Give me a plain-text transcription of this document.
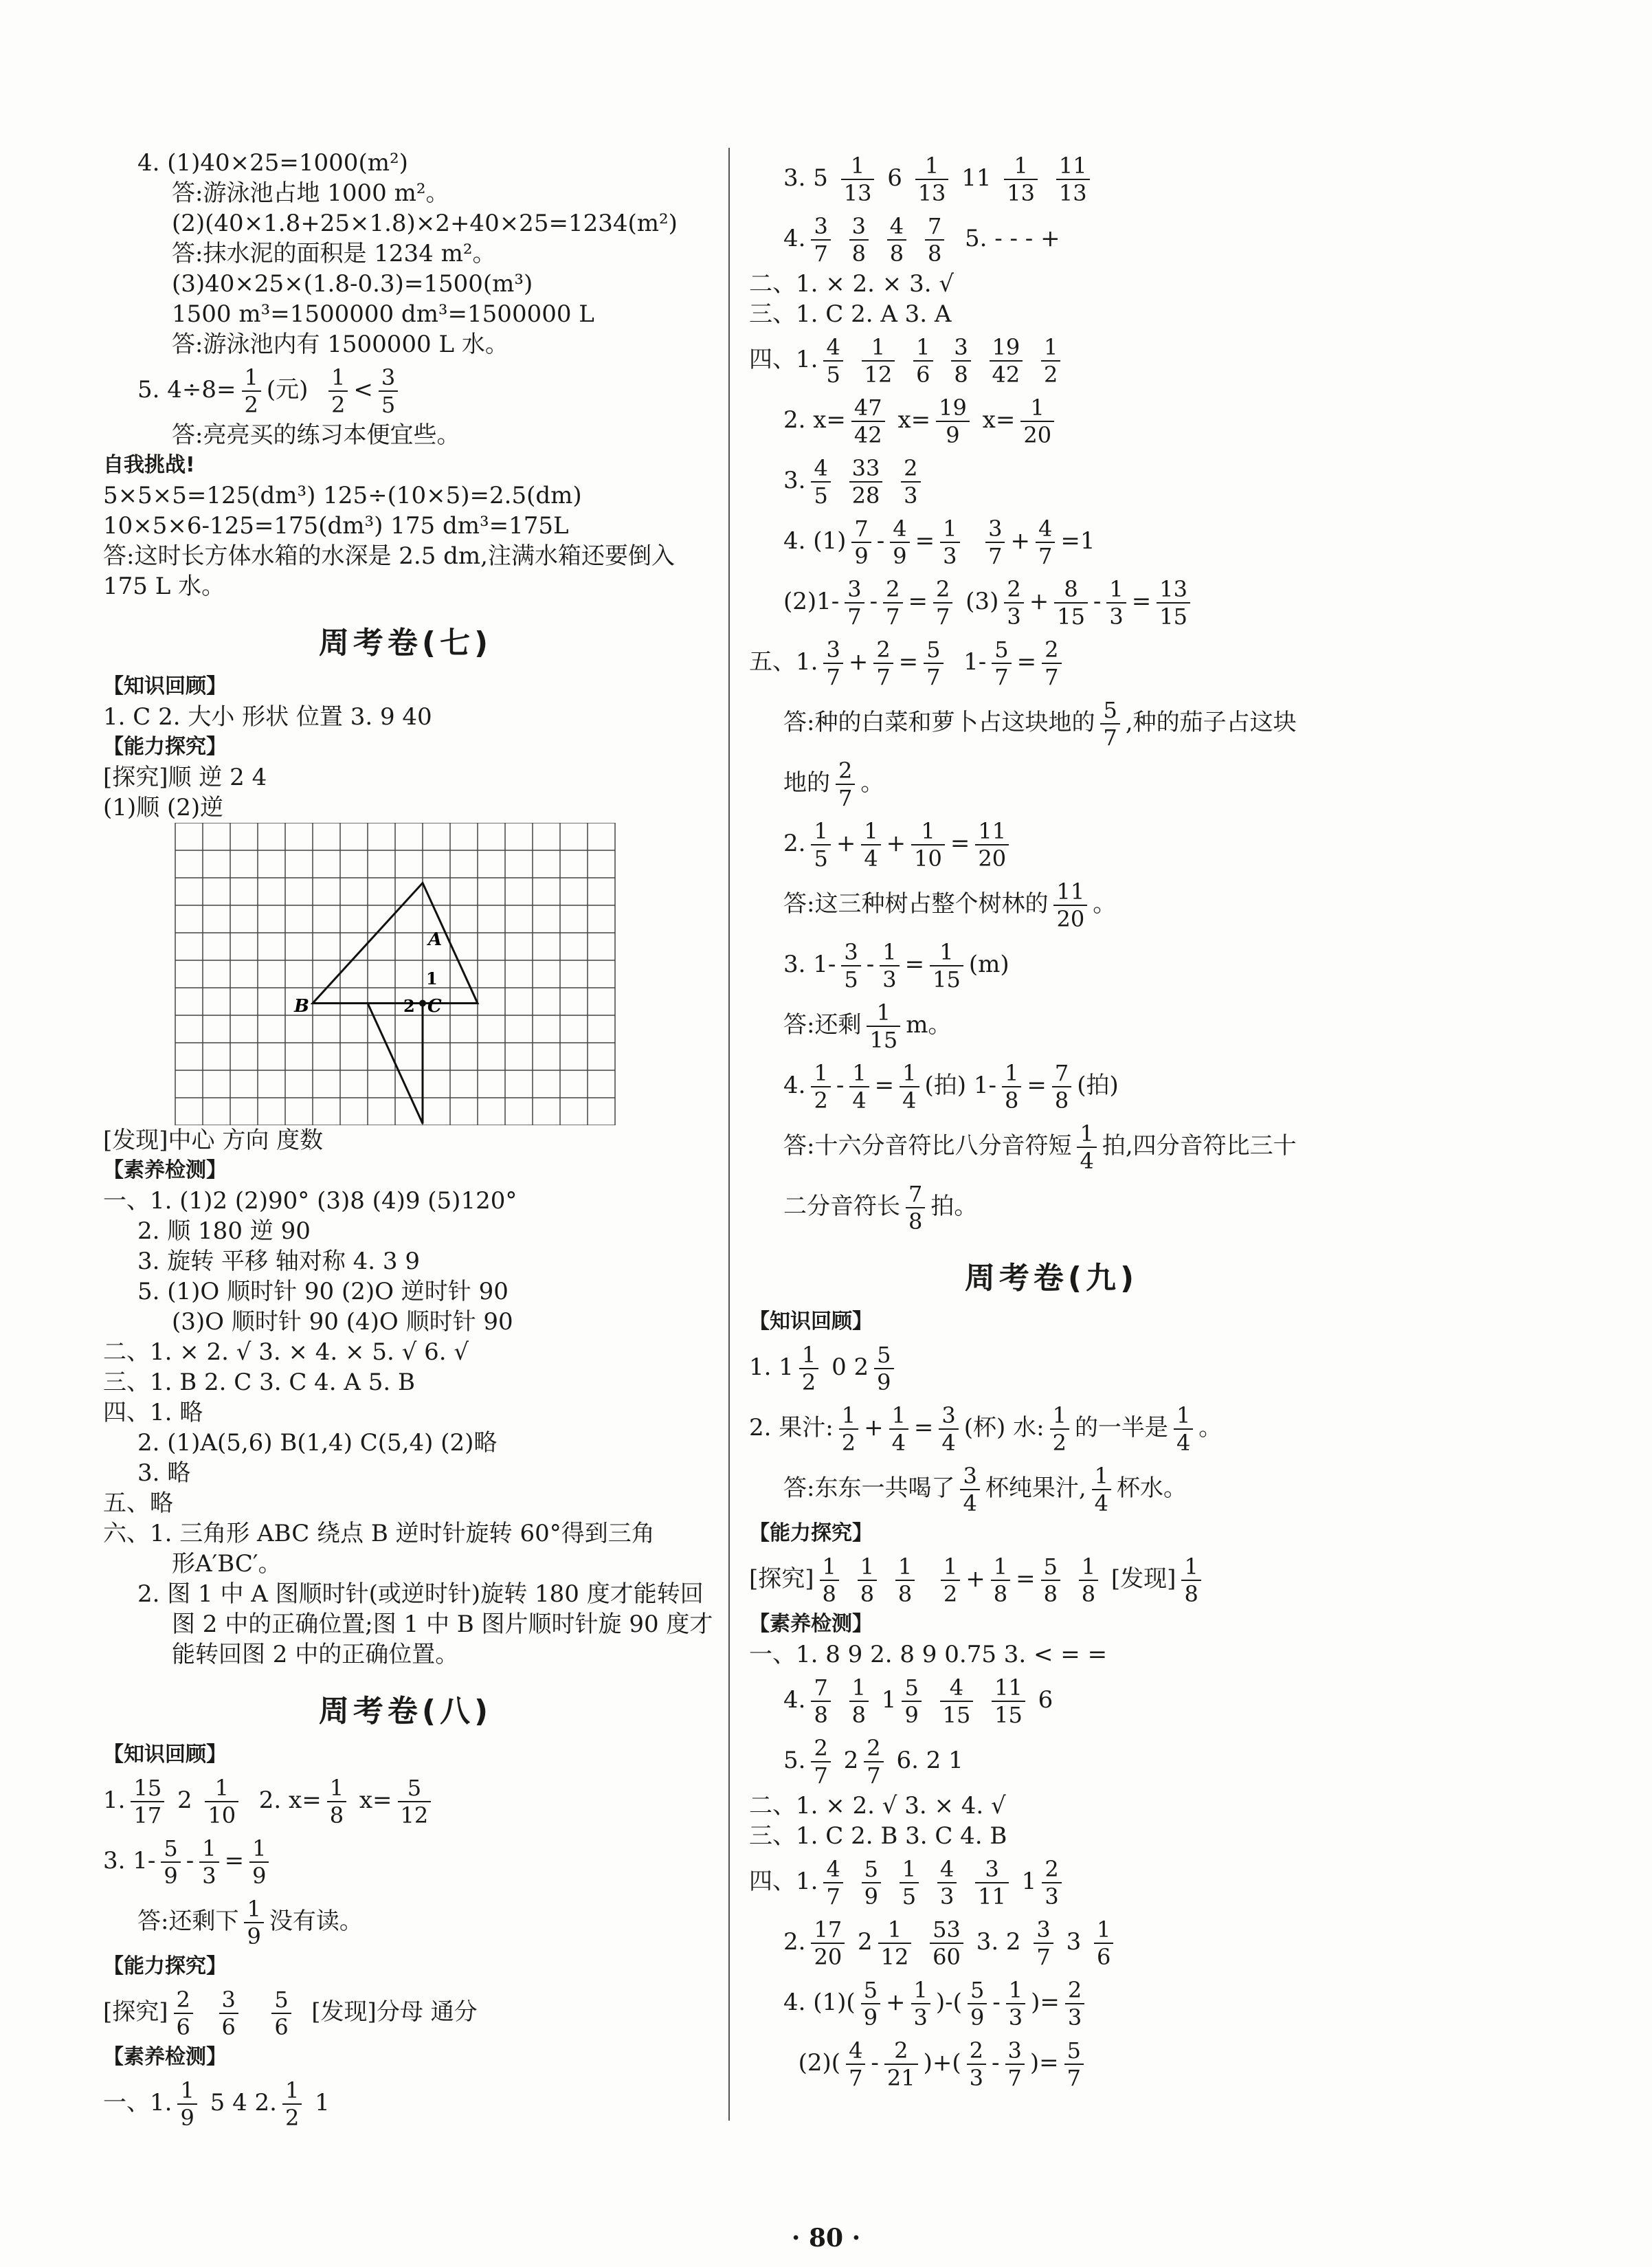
4. (1)40×25=1000(m²)
答:游泳池占地 1000 m²。
(2)(40×1.8+25×1.8)×2+40×25=1234(m²)
答:抹水泥的面积是 1234 m²。
(3)40×25×(1.8-0.3)=1500(m³)
1500 m³=1500000 dm³=1500000 L
答:游泳池内有 1500000 L 水。
5. $4\div 8= \frac{1}{2}$ (元) $\frac{1}{2} < \frac{3}{5}$
答:亮亮买的练习本便宜些。
自我挑战!
5×5×5=125(dm³) 125÷(10×5)=2.5(dm)
10×5×6-125=175(dm³) 175 dm³=175L
答:这时长方体水箱的水深是 2.5 dm,注满水箱还要倒入
175 L 水。
周考卷(七)
【知识回顾】
1. C 2. 大小 形状 位置 3. 9 40
【能力探究】
[探究]顺 逆 2 4
(1)顺 (2)逆
A
B	C
1
2
[发现]中心 方向 度数
【素养检测】
一、1. (1)2 (2)90° (3)8 (4)9 (5)120°
2. 顺 180 逆 90
3. 旋转 平移 轴对称 4. 3 9
5. (1)O 顺时针 90 (2)O 逆时针 90
(3)O 顺时针 90 (4)O 顺时针 90
二、1. × 2. √ 3. × 4. × 5. √ 6. √
三、1. B 2. C 3. C 4. A 5. B
四、1. 略
2. (1)A(5,6) B(1,4) C(5,4) (2)略
3. 略
五、略
六、1. 三角形 ABC 绕点 B 逆时针旋转 60°得到三角
形A′BC′。
2. 图 1 中 A 图顺时针(或逆时针)旋转 180 度才能转回
图 2 中的正确位置;图 1 中 B 图片顺时针旋 90 度才
能转回图 2 中的正确位置。
周考卷(八)
【知识回顾】
1. $\frac{15}{17} 2 \frac{1}{10} 2$. $x= \frac{1}{8} x= \frac{5}{12}$
3. $1- \frac{5}{9} - \frac{1}{3} = \frac{1}{9}$
答:还剩下 $\frac{1}{9}$ 没有读。
【能力探究】
[探究] $\frac{2}{6}$
$\frac{3}{6}$
$\frac{5}{6}$ [发现]分母 通分
【素养检测】
一、1. $\frac{1}{9} 5$ 4 2. $\frac{1}{2} 1$
3. $5 \frac{1}{13} 6 \frac{1}{13} 11 \frac{1}{13}$
$\frac{11}{13}$
4. $\frac{3}{7}$
$\frac{3}{8}$
$\frac{4}{8}$
$\frac{7}{8} 5$. - - - +
二、1. × 2. × 3. √
三、1. C 2. A 3. A
四、1. $\frac{4}{5}$
$\frac{1}{12}$
$\frac{1}{6}$
$\frac{3}{8}$
$\frac{19}{42}$
$\frac{1}{2}$
2. $x= \frac{47}{42} x= \frac{19}{9} x= \frac{1}{20}$
3. $\frac{4}{5}$
$\frac{33}{28}$
$\frac{2}{3}$
4. $(1) \frac{7}{9} - \frac{4}{9} = \frac{1}{3}$
$\frac{3}{7} + \frac{4}{7} =1$
$(2)1- \frac{3}{7} - \frac{2}{7} = \frac{2}{7} (3) \frac{2}{3} + \frac{8}{15} - \frac{1}{3} = \frac{13}{15}$
五、1. $\frac{3}{7} + \frac{2}{7} = \frac{5}{7} 1- \frac{5}{7} = \frac{2}{7}$
答:种的白菜和萝卜占这块地的 $\frac{5}{7}$ ,种的茄子占这块
地的 $\frac{2}{7}$ 。
2. $\frac{1}{5} + \frac{1}{4} + \frac{1}{10} = \frac{11}{20}$
答:这三种树占整个树林的 $\frac{11}{20}$ 。
3. $1- \frac{3}{5} - \frac{1}{3} = \frac{1}{15} (m)$
答:还剩 $\frac{1}{15}$ m。
4. $\frac{1}{2} - \frac{1}{4} = \frac{1}{4}$ (拍) $1- \frac{1}{8} = \frac{7}{8}$ (拍)
答:十六分音符比八分音符短 $\frac{1}{4}$ 拍,四分音符比三十
二分音符长 $\frac{7}{8}$ 拍。
周考卷(九)
【知识回顾】
1. $1 \frac{1}{2} 0$ $2 \frac{5}{9}$
2. 果汁: $\frac{1}{2} + \frac{1}{4} = \frac{3}{4}$ (杯) 水: $\frac{1}{2}$ 的一半是 $\frac{1}{4}$ 。
答:东东一共喝了 $\frac{3}{4}$ 杯纯果汁, $\frac{1}{4}$ 杯水。
【能力探究】
[探究] $\frac{1}{8}$
$\frac{1}{8}$
$\frac{1}{8}$
$\frac{1}{2} + \frac{1}{8} = \frac{5}{8}$
$\frac{1}{8}$ [发现] $\frac{1}{8}$
【素养检测】
一、1. 8 9 2. 8 9 0.75 3. < = =
4. $\frac{7}{8}$
$\frac{1}{8} 1 \frac{5}{9}$
$\frac{4}{15}$
$\frac{11}{15} 6$
5. $\frac{2}{7} 2 \frac{2}{7} 6$. 2 1
二、1. × 2. √ 3. × 4. √
三、1. C 2. B 3. C 4. B
四、1. $\frac{4}{7}$
$\frac{5}{9}$
$\frac{1}{5}$
$\frac{4}{3}$
$\frac{3}{11} 1 \frac{2}{3}$
2. $\frac{17}{20} 2 \frac{1}{12}$
$\frac{53}{60} 3$. $2 \frac{3}{7} 3 \frac{1}{6}$
4. $(1)( \frac{5}{9} + \frac{1}{3}$ )-( $\frac{5}{9} - \frac{1}{3}$ )= $\frac{2}{3}$
$(2)( \frac{4}{7} - \frac{2}{21}$ )+( $\frac{2}{3} - \frac{3}{7}$ )= $\frac{5}{7}$
· 80 ·
